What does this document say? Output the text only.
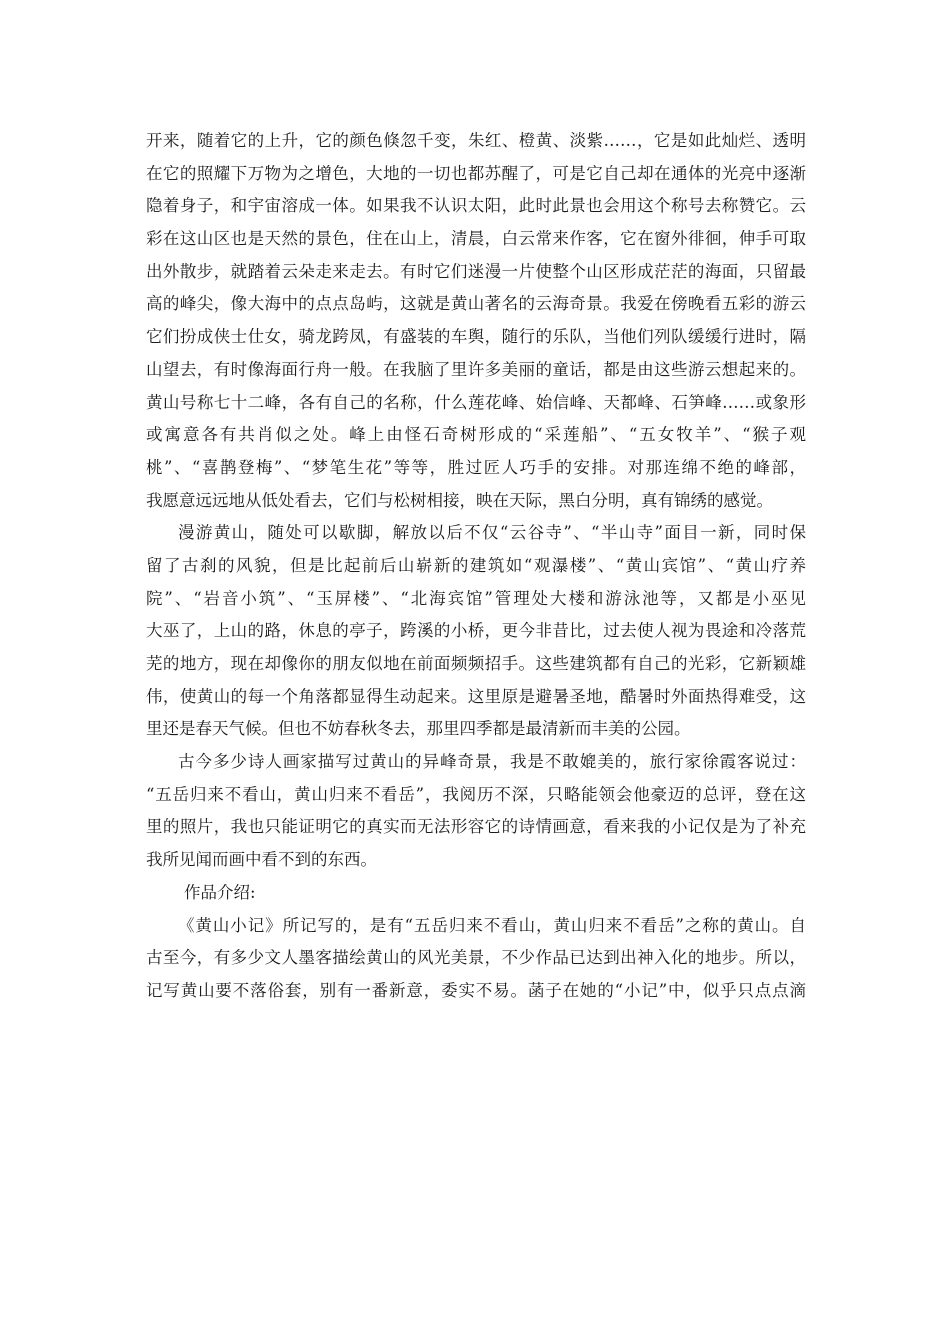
开来，随着它的上升，它的颜色倏忽千变，朱红、橙黄、淡紫……，它是如此灿烂、透明
在它的照耀下万物为之增色，大地的一切也都苏醒了，可是它自己却在通体的光亮中逐渐
隐着身子，和宇宙溶成一体。如果我不认识太阳，此时此景也会用这个称号去称赞它。云
彩在这山区也是天然的景色，住在山上，清晨，白云常来作客，它在窗外徘徊，伸手可取
出外散步，就踏着云朵走来走去。有时它们迷漫一片使整个山区形成茫茫的海面，只留最
高的峰尖，像大海中的点点岛屿，这就是黄山著名的云海奇景。我爱在傍晚看五彩的游云
它们扮成侠士仕女，骑龙跨凤，有盛装的车舆，随行的乐队，当他们列队缓缓行进时，隔
山望去，有时像海面行舟一般。在我脑了里许多美丽的童话，都是由这些游云想起来的。
黄山号称七十二峰，各有自己的名称，什么莲花峰、始信峰、天都峰、石笋峰……或象形
或寓意各有共肖似之处。峰上由怪石奇树形成的“采莲船”、“五女牧羊”、“猴子观
桃”、“喜鹊登梅”、“梦笔生花”等等，胜过匠人巧手的安排。对那连绵不绝的峰部，
我愿意远远地从低处看去，它们与松树相接，映在天际，黑白分明，真有锦绣的感觉。
漫游黄山，随处可以歇脚，解放以后不仅“云谷寺”、“半山寺”面目一新，同时保
留了古刹的风貌，但是比起前后山崭新的建筑如“观瀑楼”、“黄山宾馆”、“黄山疗养
院”、“岩音小筑”、“玉屏楼”、“北海宾馆”管理处大楼和游泳池等，又都是小巫见
大巫了，上山的路，休息的亭子，跨溪的小桥，更今非昔比，过去使人视为畏途和冷落荒
芜的地方，现在却像你的朋友似地在前面频频招手。这些建筑都有自己的光彩，它新颖雄
伟，使黄山的每一个角落都显得生动起来。这里原是避暑圣地，酷暑时外面热得难受，这
里还是春天气候。但也不妨春秋冬去，那里四季都是最清新而丰美的公园。
古今多少诗人画家描写过黄山的异峰奇景，我是不敢媲美的，旅行家徐霞客说过：
“五岳归来不看山，黄山归来不看岳”，我阅历不深，只略能领会他豪迈的总评，登在这
里的照片，我也只能证明它的真实而无法形容它的诗情画意，看来我的小记仅是为了补充
我所见闻而画中看不到的东西。
作品介绍:
《黄山小记》所记写的，是有“五岳归来不看山，黄山归来不看岳”之称的黄山。自
古至今，有多少文人墨客描绘黄山的风光美景，不少作品已达到出神入化的地步。所以，
记写黄山要不落俗套，别有一番新意，委实不易。菡子在她的“小记”中，似乎只点点滴
